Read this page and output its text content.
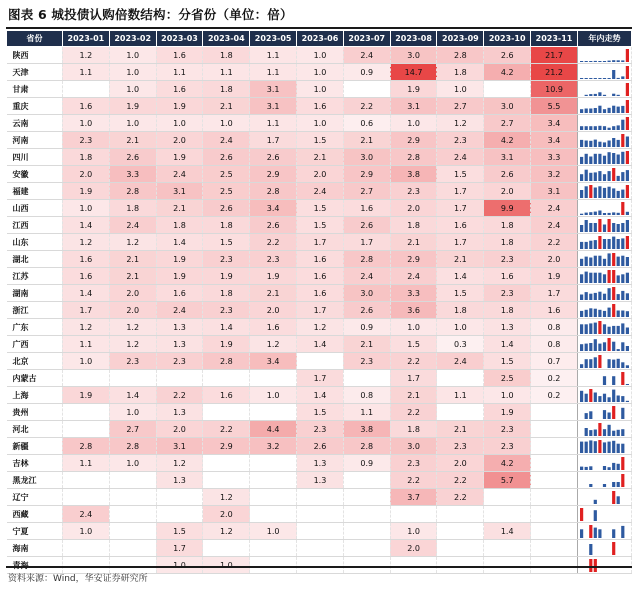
图表 6 城投债认购倍数结构：分省份（单位：倍）
省份	2023-01	2023-02	2023-03	2023-04	2023-05	2023-06	2023-07	2023-08	2023-09	2023-10	2023-11	年内走势
陕西	1.2	1.0	1.6	1.8	1.1	1.0	2.4	3.0	2.8	2.6	21.7	

天津	1.1	1.0	1.1	1.1	1.1	1.0	0.9	14.7	1.8	4.2	21.2	

甘肃		1.0	1.6	1.8	3.1	1.0		1.9	1.0		10.9	

重庆	1.6	1.9	1.9	2.1	3.1	1.6	2.2	3.1	2.7	3.0	5.5	

云南	1.0	1.0	1.0	1.0	1.1	1.0	0.6	1.0	1.2	2.7	3.4	

河南	2.3	2.1	2.0	2.4	1.7	1.5	2.1	2.9	2.3	4.2	3.4	

四川	1.8	2.6	1.9	2.6	2.6	2.1	3.0	2.8	2.4	3.1	3.3	

安徽	2.0	3.3	2.4	2.5	2.9	2.0	2.9	3.8	1.5	2.6	3.2	

福建	1.9	2.8	3.1	2.5	2.8	2.4	2.7	2.3	1.7	2.0	3.1	

山西	1.0	1.8	2.1	2.6	3.4	1.5	1.6	2.0	1.7	9.9	2.4	

江西	1.4	2.4	1.8	1.8	2.6	1.5	2.6	1.8	1.6	1.8	2.4	

山东	1.2	1.2	1.4	1.5	2.2	1.7	1.7	2.1	1.7	1.8	2.2	

湖北	1.6	2.1	1.9	2.3	2.3	1.6	2.8	2.9	2.1	2.3	2.0	

江苏	1.6	2.1	1.9	1.9	1.9	1.6	2.4	2.4	1.4	1.6	1.9	

湖南	1.4	2.0	1.6	1.8	2.1	1.6	3.0	3.3	1.5	2.3	1.7	

浙江	1.7	2.0	2.4	2.3	2.0	1.7	2.6	3.6	1.8	1.8	1.6	

广东	1.2	1.2	1.3	1.4	1.6	1.2	0.9	1.0	1.0	1.3	0.8	

广西	1.1	1.2	1.3	1.9	1.2	1.4	2.1	1.5	0.3	1.4	0.8	

北京	1.0	2.3	2.3	2.8	3.4		2.3	2.2	2.4	1.5	0.7	

内蒙古						1.7		1.7		2.5	0.2	

上海	1.9	1.4	2.2	1.6	1.0	1.4	0.8	2.1	1.1	1.0	0.2	

贵州		1.0	1.3			1.5	1.1	2.2		1.9		

河北		2.7	2.0	2.2	4.4	2.3	3.8	1.8	2.1	2.3		

新疆	2.8	2.8	3.1	2.9	3.2	2.6	2.8	3.0	2.3	2.3		

吉林	1.1	1.0	1.2			1.3	0.9	2.3	2.0	4.2		

黑龙江			1.3			1.3		2.2	2.2	5.7		

辽宁				1.2				3.7	2.2			

西藏	2.4			2.0								

宁夏	1.0		1.5	1.2	1.0			1.0		1.4		

海南			1.7					2.0				

青海			1.0	1.0								
资料来源：Wind，华安证券研究所
